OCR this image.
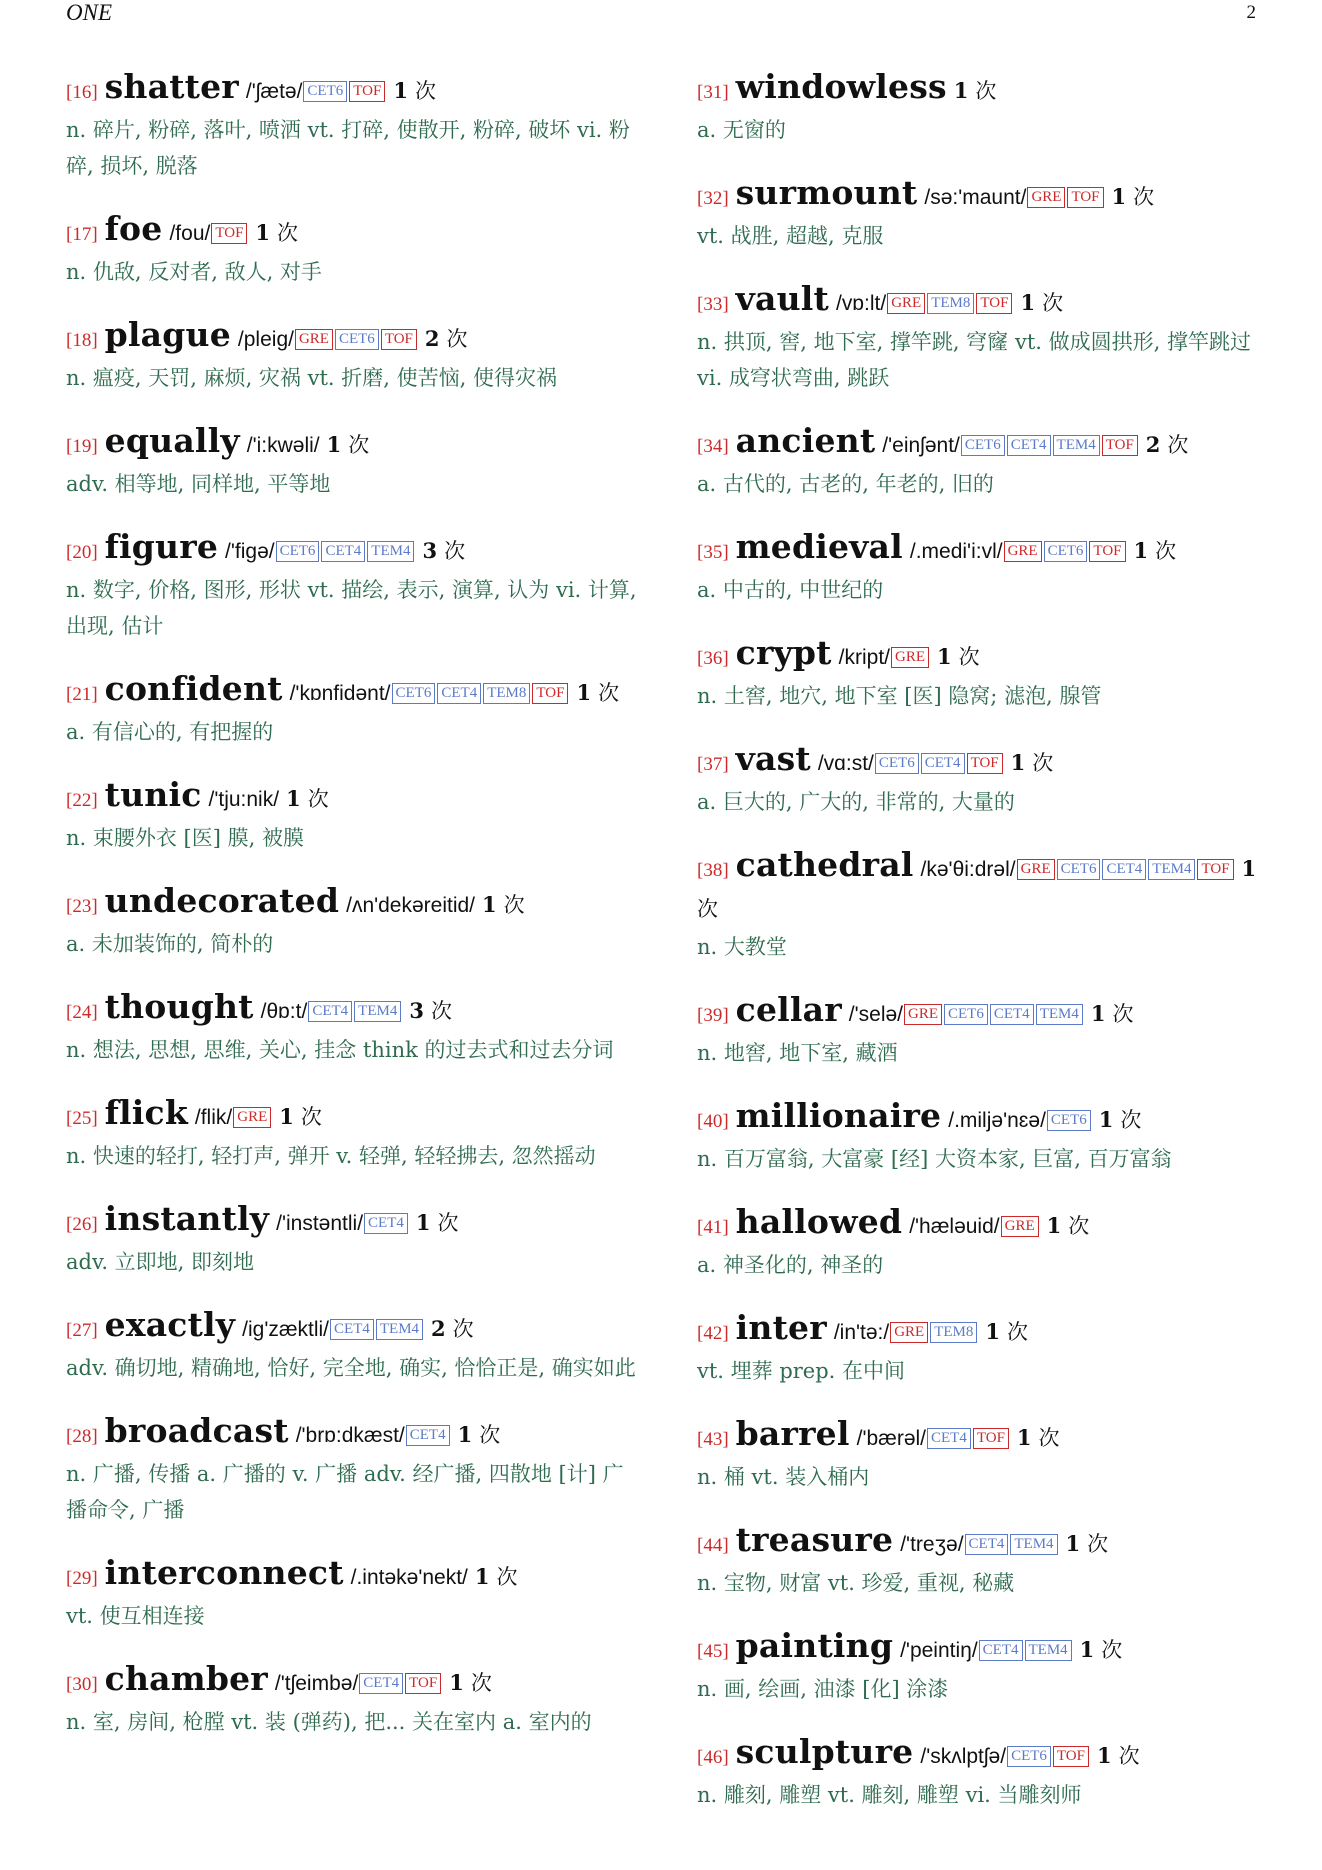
ONE	2
[16] shatter /'ʃætə/ CET6 TOF 1 次
n. 碎片, 粉碎, 落叶, 喷洒 vt. 打碎, 使散开, 粉碎, 破坏 vi. 粉碎, 损坏, 脱落
[17] foe /fou/ TOF 1 次
n. 仇敌, 反对者, 敌人, 对手
[18] plague /pleig/ GRE CET6 TOF 2 次
n. 瘟疫, 天罚, 麻烦, 灾祸 vt. 折磨, 使苦恼, 使得灾祸
[19] equally /'i:kwəli/ 1 次
adv. 相等地, 同样地, 平等地
[20] figure /'figə/ CET6 CET4 TEM4 3 次
n. 数字, 价格, 图形, 形状 vt. 描绘, 表示, 演算, 认为 vi. 计算, 出现, 估计
[21] confident /'kɒnfidənt/ CET6 CET4 TEM8 TOF 1 次
a. 有信心的, 有把握的
[22] tunic /'tju:nik/ 1 次
n. 束腰外衣 [医] 膜, 被膜
[23] undecorated /ʌn'dekəreitid/ 1 次
a. 未加装饰的, 简朴的
[24] thought /θɒ:t/ CET4 TEM4 3 次
n. 想法, 思想, 思维, 关心, 挂念 think 的过去式和过去分词
[25] flick /flik/ GRE 1 次
n. 快速的轻打, 轻打声, 弹开 v. 轻弹, 轻轻拂去, 忽然摇动
[26] instantly /'instəntli/ CET4 1 次
adv. 立即地, 即刻地
[27] exactly /ig'zæktli/ CET4 TEM4 2 次
adv. 确切地, 精确地, 恰好, 完全地, 确实, 恰恰正是, 确实如此
[28] broadcast /'brɒ:dkæst/ CET4 1 次
n. 广播, 传播 a. 广播的 v. 广播 adv. 经广播, 四散地 [计] 广播命令, 广播
[29] interconnect /.intəkə'nekt/ 1 次
vt. 使互相连接
[30] chamber /'tʃeimbə/ CET4 TOF 1 次
n. 室, 房间, 枪膛 vt. 装 (弹药), 把... 关在室内 a. 室内的
[31] windowless 1 次
a. 无窗的
[32] surmount /sə:'maunt/ GRE TOF 1 次
vt. 战胜, 超越, 克服
[33] vault /vɒ:lt/ GRE TEM8 TOF 1 次
n. 拱顶, 窖, 地下室, 撑竿跳, 穹窿 vt. 做成圆拱形, 撑竿跳过 vi. 成穹状弯曲, 跳跃
[34] ancient /'einʃənt/ CET6 CET4 TEM4 TOF 2 次
a. 古代的, 古老的, 年老的, 旧的
[35] medieval /.medi'i:vl/ GRE CET6 TOF 1 次
a. 中古的, 中世纪的
[36] crypt /kript/ GRE 1 次
n. 土窖, 地穴, 地下室 [医] 隐窝; 滤泡, 腺管
[37] vast /vɑ:st/ CET6 CET4 TOF 1 次
a. 巨大的, 广大的, 非常的, 大量的
[38] cathedral /kə'θi:drəl/ GRE CET6 CET4 TEM4 TOF 1 次
n. 大教堂
[39] cellar /'selə/ GRE CET6 CET4 TEM4 1 次
n. 地窖, 地下室, 藏酒
[40] millionaire /.miljə'nɛə/ CET6 1 次
n. 百万富翁, 大富豪 [经] 大资本家, 巨富, 百万富翁
[41] hallowed /'hæləuid/ GRE 1 次
a. 神圣化的, 神圣的
[42] inter /in'tə:/ GRE TEM8 1 次
vt. 埋葬 prep. 在中间
[43] barrel /'bærəl/ CET4 TOF 1 次
n. 桶 vt. 装入桶内
[44] treasure /'treʒə/ CET4 TEM4 1 次
n. 宝物, 财富 vt. 珍爱, 重视, 秘藏
[45] painting /'peintiŋ/ CET4 TEM4 1 次
n. 画, 绘画, 油漆 [化] 涂漆
[46] sculpture /'skʌlptʃə/ CET6 TOF 1 次
n. 雕刻, 雕塑 vt. 雕刻, 雕塑 vi. 当雕刻师
